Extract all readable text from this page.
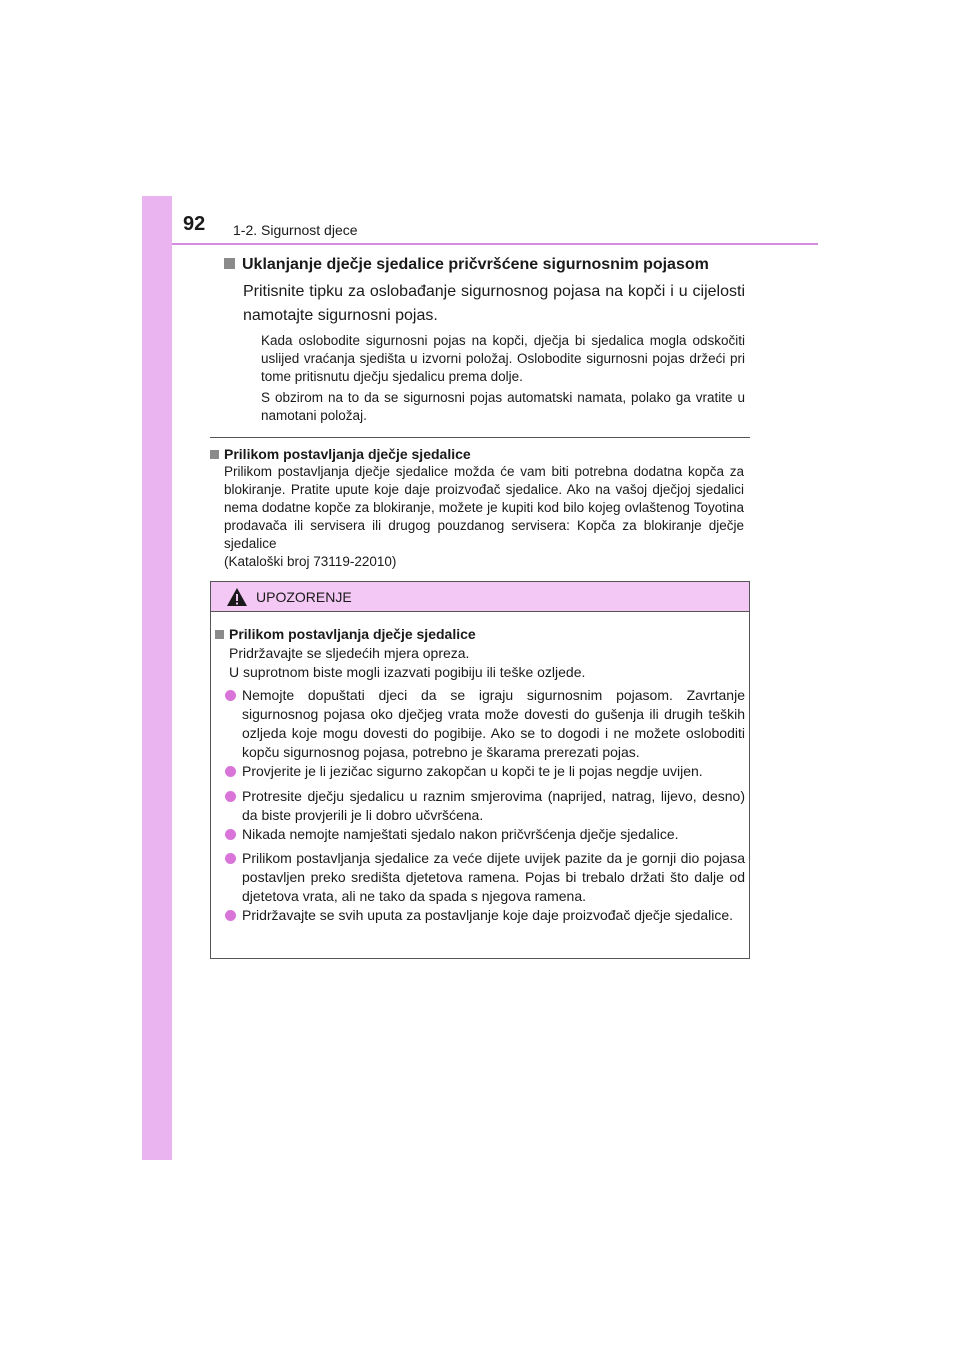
92 1-2. Sigurnost djece
Uklanjanje dječje sjedalice pričvršćene sigurnosnim pojasom

Pritisnite tipku za oslobađanje sigurnosnog pojasa na kopči i u cijelosti namotajte sigurnosni pojas.

Kada oslobodite sigurnosni pojas na kopči, dječja bi sjedalica mogla odskočiti uslijed vraćanja sjedišta u izvorni položaj. Oslobodite sigurnosni pojas držeći pri tome pritisnutu dječju sjedalicu prema dolje.

S obzirom na to da se sigurnosni pojas automatski namata, polako ga vratite u namotani položaj.

Prilikom postavljanja dječje sjedalice
Prilikom postavljanja dječje sjedalice možda će vam biti potrebna dodatna kopča za blokiranje. Pratite upute koje daje proizvođač sjedalice. Ako na vašoj dječjoj sjedalici nema dodatne kopče za blokiranje, možete je kupiti kod bilo kojeg ovlaštenog Toyotina prodavača ili servisera ili drugog pouzdanog servisera: Kopča za blokiranje dječje sjedalice
(Kataloški broj 73119-22010)
UPOZORENJE
Prilikom postavljanja dječje sjedalice
Pridržavajte se sljedećih mjera opreza.
U suprotnom biste mogli izazvati pogibiju ili teške ozljede.
Nemojte dopuštati djeci da se igraju sigurnosnim pojasom. Zavrtanje sigurnosnog pojasa oko dječjeg vrata može dovesti do gušenja ili drugih teških ozljeda koje mogu dovesti do pogibije. Ako se to dogodi i ne možete osloboditi kopču sigurnosnog pojasa, potrebno je škarama prerezati pojas.
Provjerite je li jezičac sigurno zakopčan u kopči te je li pojas negdje uvijen.
Protresite dječju sjedalicu u raznim smjerovima (naprijed, natrag, lijevo, desno) da biste provjerili je li dobro učvršćena.
Nikada nemojte namještati sjedalo nakon pričvršćenja dječje sjedalice.
Prilikom postavljanja sjedalice za veće dijete uvijek pazite da je gornji dio pojasa postavljen preko središta djetetova ramena. Pojas bi trebalo držati što dalje od djetetova vrata, ali ne tako da spada s njegova ramena.
Pridržavajte se svih uputa za postavljanje koje daje proizvođač dječje sjedalice.
